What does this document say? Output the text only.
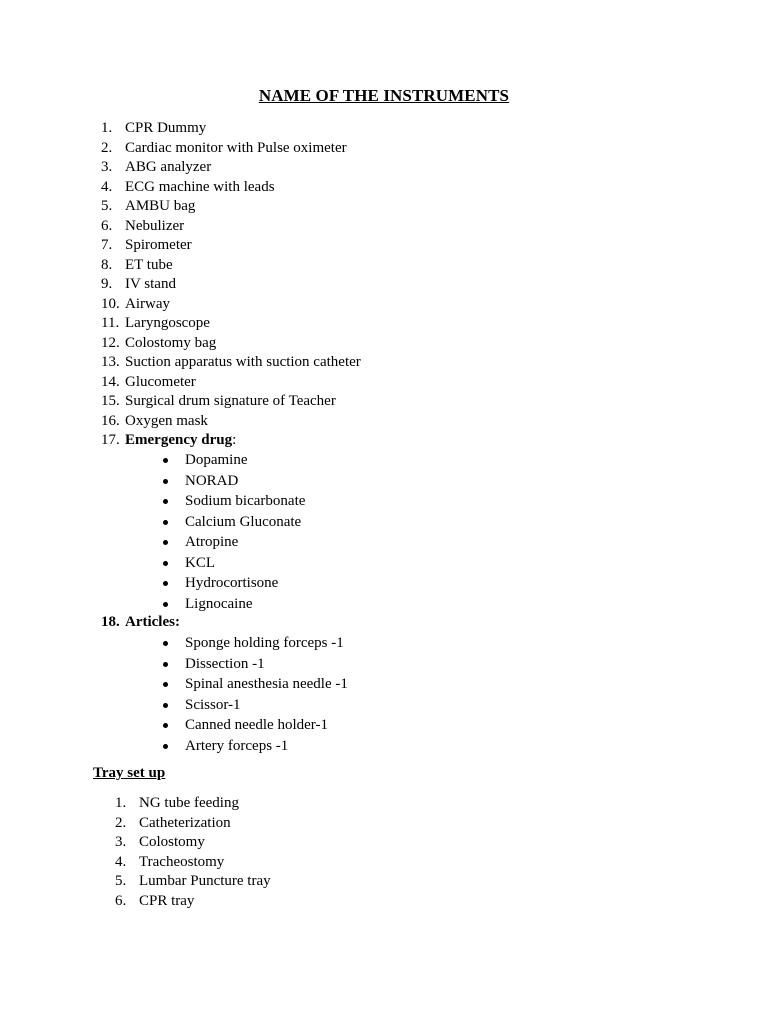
NAME OF THE INSTRUMENTS
1. CPR Dummy
2. Cardiac monitor with Pulse oximeter
3. ABG analyzer
4. ECG machine with leads
5. AMBU bag
6. Nebulizer
7. Spirometer
8. ET tube
9. IV stand
10. Airway
11. Laryngoscope
12. Colostomy bag
13. Suction apparatus with suction catheter
14. Glucometer
15. Surgical drum signature of Teacher
16. Oxygen mask
17. Emergency drug:
Dopamine
NORAD
Sodium bicarbonate
Calcium Gluconate
Atropine
KCL
Hydrocortisone
Lignocaine
18. Articles:
Sponge holding forceps -1
Dissection -1
Spinal anesthesia needle -1
Scissor-1
Canned needle holder-1
Artery forceps -1
Tray set up
1. NG tube feeding
2. Catheterization
3. Colostomy
4. Tracheostomy
5. Lumbar Puncture tray
6. CPR tray
